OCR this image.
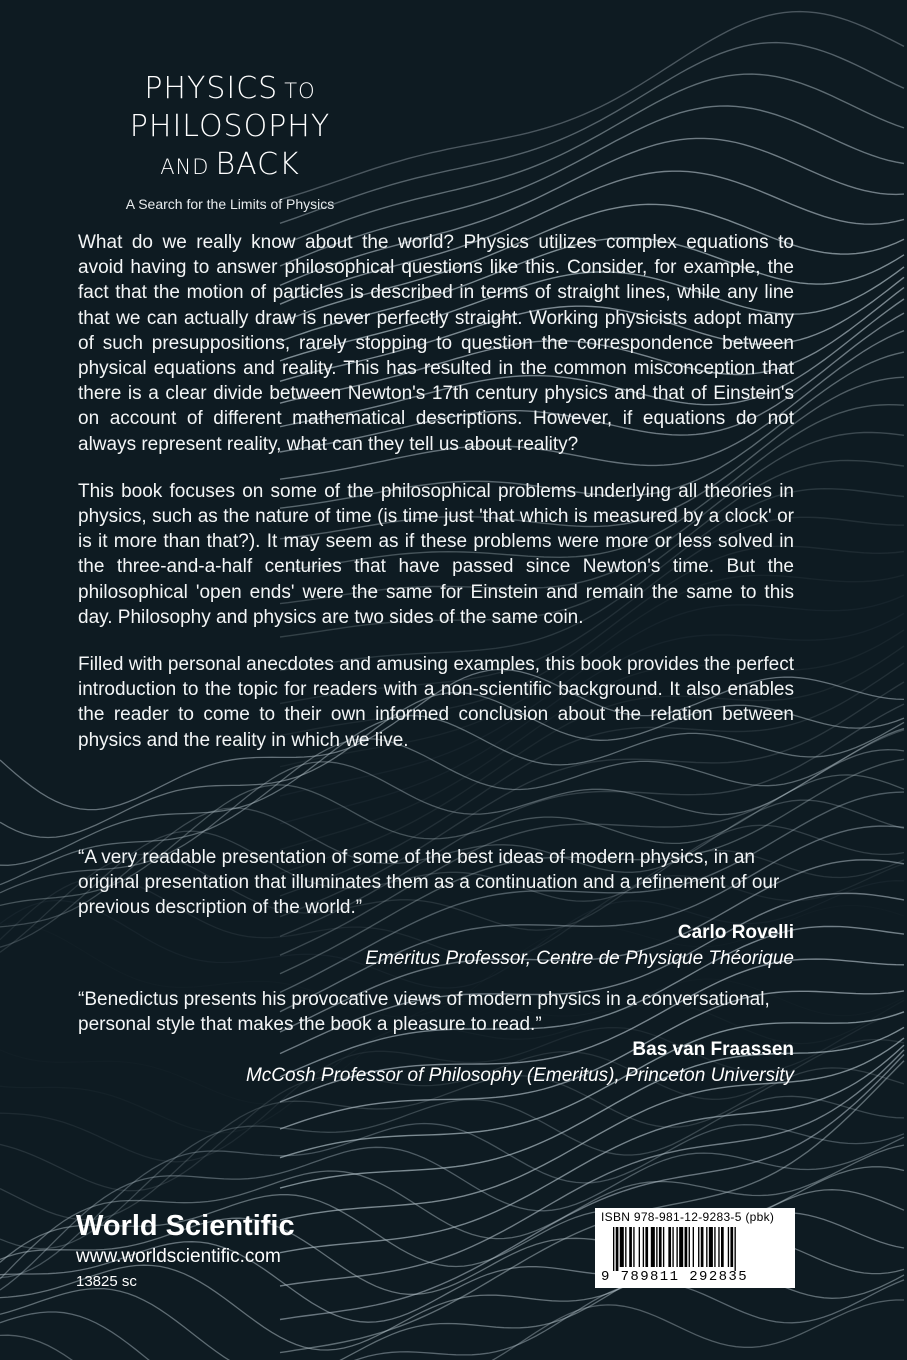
PHYSICS TO
PHILOSOPHY
AND BACK
A Search for the Limits of Physics

What do we really know about the world? Physics utilizes complex equations to avoid having to answer philosophical questions like this. Consider, for example, the fact that the motion of particles is described in terms of straight lines, while any line that we can actually draw is never perfectly straight. Working physicists adopt many of such presuppositions, rarely stopping to question the correspondence between physical equations and reality. This has resulted in the common misconception that there is a clear divide between Newton's 17th century physics and that of Einstein's on account of different mathematical descriptions. However, if equations do not always represent reality, what can they tell us about reality?

This book focuses on some of the philosophical problems underlying all theories in physics, such as the nature of time (is time just 'that which is measured by a clock' or is it more than that?). It may seem as if these problems were more or less solved in the three-and-a-half centuries that have passed since Newton's time. But the philosophical 'open ends' were the same for Einstein and remain the same to this day. Philosophy and physics are two sides of the same coin.

Filled with personal anecdotes and amusing examples, this book provides the perfect introduction to the topic for readers with a non-scientific background. It also enables the reader to come to their own informed conclusion about the relation between physics and the reality in which we live.

“A very readable presentation of some of the best ideas of modern physics, in an original presentation that illuminates them as a continuation and a refinement of our previous description of the world.”
Carlo Rovelli
Emeritus Professor, Centre de Physique Théorique
“Benedictus presents his provocative views of modern physics in a conversational, personal style that makes the book a pleasure to read.”
Bas van Fraassen
McCosh Professor of Philosophy (Emeritus), Princeton University
World Scientific
www.worldscientific.com
13825 sc
ISBN 978-981-12-9283-5 (pbk)
9 789811 292835
